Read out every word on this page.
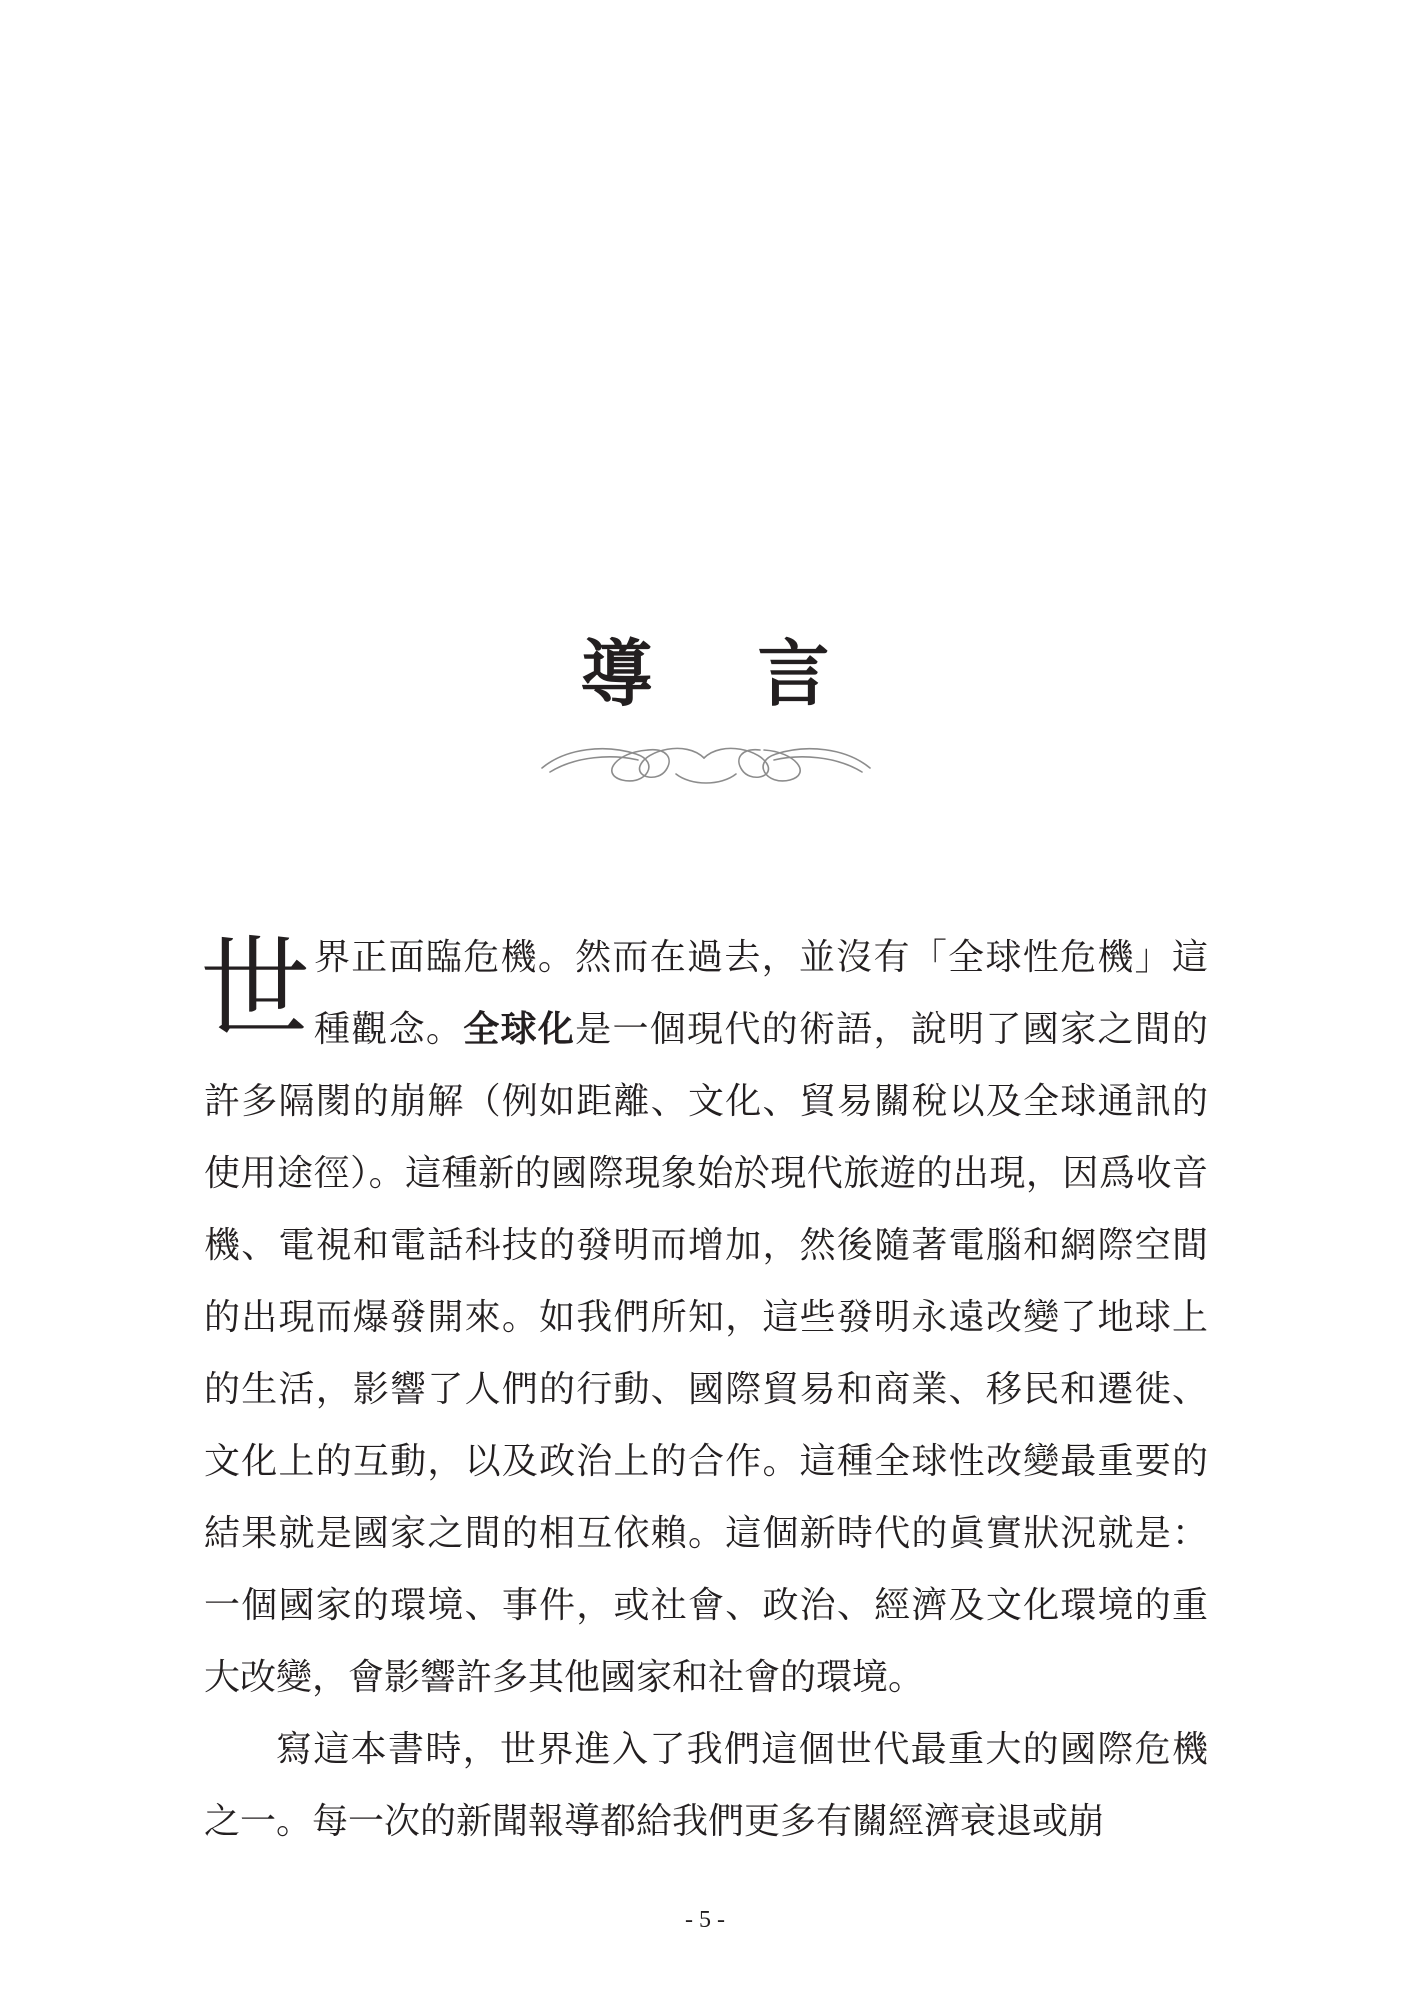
導 言

世界正面臨危機。然而在過去，並沒有「全球性危機」這種觀念。全球化是一個現代的術語，說明了國家之間的許多隔閡的崩解（例如距離、文化、貿易關稅以及全球通訊的使用途徑）。這種新的國際現象始於現代旅遊的出現，因爲收音機、電視和電話科技的發明而增加，然後隨著電腦和網際空間的出現而爆發開來。如我們所知，這些發明永遠改變了地球上的生活，影響了人們的行動、國際貿易和商業、移民和遷徙、文化上的互動，以及政治上的合作。這種全球性改變最重要的結果就是國家之間的相互依賴。這個新時代的眞實狀況就是：一個國家的環境、事件，或社會、政治、經濟及文化環境的重大改變，會影響許多其他國家和社會的環境。

寫這本書時，世界進入了我們這個世代最重大的國際危機之一。每一次的新聞報導都給我們更多有關經濟衰退或崩

- 5 -
